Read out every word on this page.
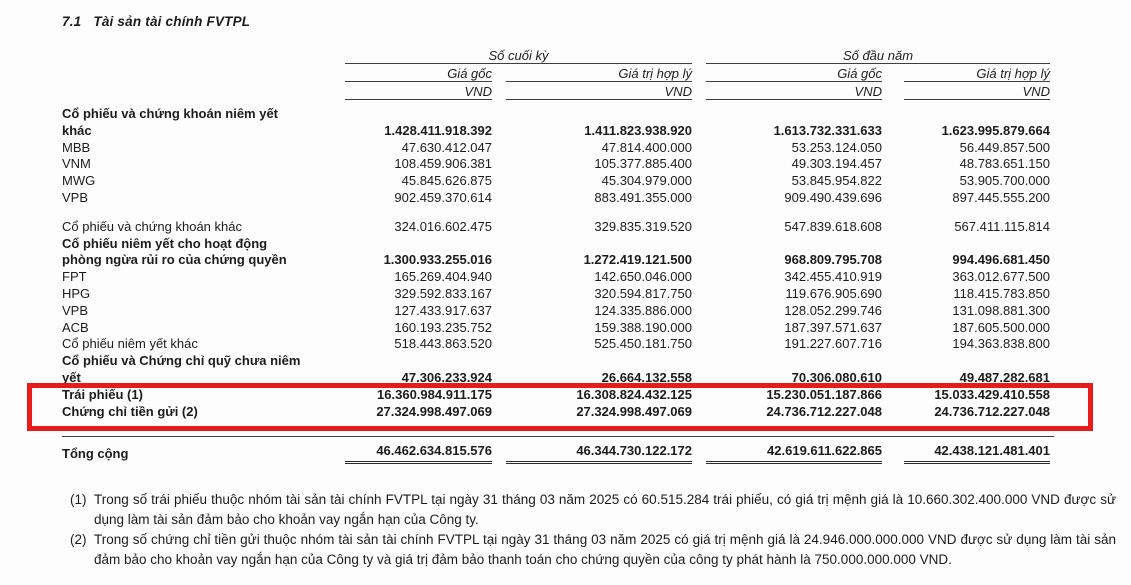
7.1 Tài sản tài chính FVTPL
Số cuối kỳ	Số đầu năm
Giá gốc	Giá trị hợp lý	Giá gốc	Giá trị hợp lý
VND	VND	VND	VND
Cổ phiếu và chứng khoán niêm yết
khác	1.428.411.918.392	1.411.823.938.920	1.613.732.331.633	1.623.995.879.664
MBB	47.630.412.047	47.814.400.000	53.253.124.050	56.449.857.500
VNM	108.459.906.381	105.377.885.400	49.303.194.457	48.783.651.150
MWG	45.845.626.875	45.304.979.000	53.845.954.822	53.905.700.000
VPB	902.459.370.614	883.491.355.000	909.490.439.696	897.445.555.200
Cổ phiếu và chứng khoán khác	324.016.602.475	329.835.319.520	547.839.618.608	567.411.115.814
Cổ phiếu niêm yết cho hoạt động
phòng ngừa rủi ro của chứng quyền	1.300.933.255.016	1.272.419.121.500	968.809.795.708	994.496.681.450
FPT	165.269.404.940	142.650.046.000	342.455.410.919	363.012.677.500
HPG	329.592.833.167	320.594.817.750	119.676.905.690	118.415.783.850
VPB	127.433.917.637	124.335.886.000	128.052.299.746	131.098.881.300
ACB	160.193.235.752	159.388.190.000	187.397.571.637	187.605.500.000
Cổ phiếu niêm yết khác	518.443.863.520	525.450.181.750	191.227.607.716	194.363.838.800
Cổ phiếu và Chứng chỉ quỹ chưa niêm
yết	47.306.233.924	26.664.132.558	70.306.080.610	49.487.282.681
Trái phiếu (1)	16.360.984.911.175	16.308.824.432.125	15.230.051.187.866	15.033.429.410.558
Chứng chỉ tiền gửi (2)	27.324.998.497.069	27.324.998.497.069	24.736.712.227.048	24.736.712.227.048
Tổng cộng	46.462.634.815.576	46.344.730.122.172	42.619.611.622.865	42.438.121.481.401
(1) Trong số trái phiếu thuộc nhóm tài sản tài chính FVTPL tại ngày 31 tháng 03 năm 2025 có 60.515.284 trái phiếu, có giá trị mệnh giá là 10.660.302.400.000 VND được sử dụng làm tài sản đảm bảo cho khoản vay ngắn hạn của Công ty.
(2) Trong số chứng chỉ tiền gửi thuộc nhóm tài sản tài chính FVTPL tại ngày 31 tháng 03 năm 2025 có giá trị mệnh giá là 24.946.000.000.000 VND được sử dụng làm tài sản đảm bảo cho khoản vay ngắn hạn của Công ty và giá trị đảm bảo thanh toán cho chứng quyền của công ty phát hành là 750.000.000.000 VND.
